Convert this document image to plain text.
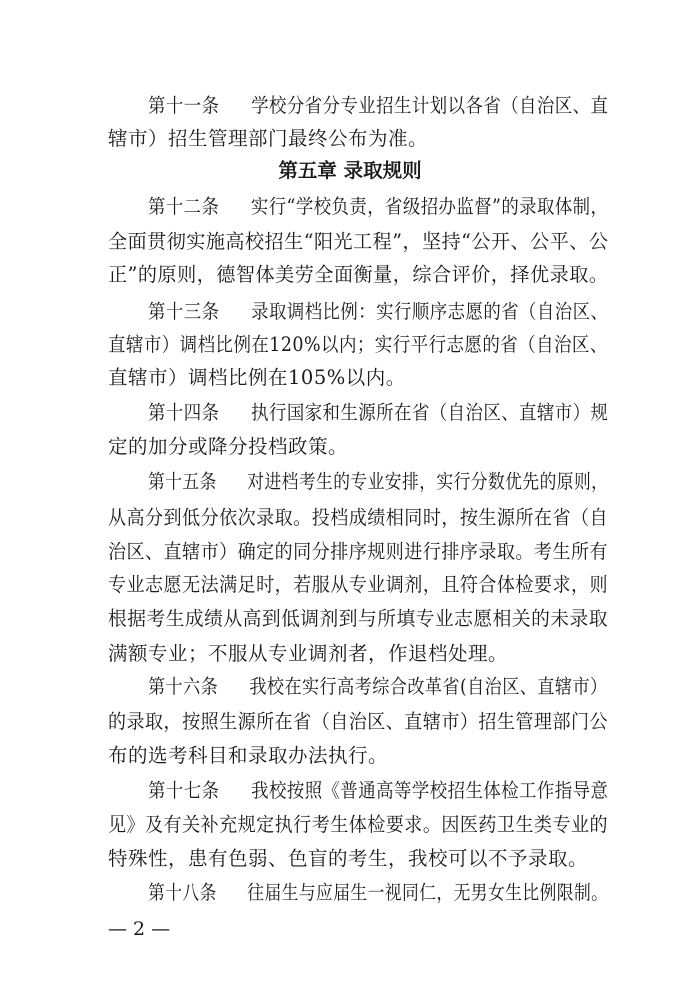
第十一条 学校分省分专业招生计划以各省（自治区、直
辖市）招生管理部门最终公布为准。
第五章 录取规则
第十二条 实行“学校负责，省级招办监督”的录取体制，
全面贯彻实施高校招生“阳光工程”，坚持“公开、公平、公
正”的原则，德智体美劳全面衡量，综合评价，择优录取。
第十三条 录取调档比例：实行顺序志愿的省（自治区、
直辖市）调档比例在120%以内；实行平行志愿的省（自治区、
直辖市）调档比例在105%以内。
第十四条 执行国家和生源所在省（自治区、直辖市）规
定的加分或降分投档政策。
第十五条 对进档考生的专业安排，实行分数优先的原则，
从高分到低分依次录取。投档成绩相同时，按生源所在省（自
治区、直辖市）确定的同分排序规则进行排序录取。考生所有
专业志愿无法满足时，若服从专业调剂，且符合体检要求，则
根据考生成绩从高到低调剂到与所填专业志愿相关的未录取
满额专业；不服从专业调剂者，作退档处理。
第十六条 我校在实行高考综合改革省(自治区、直辖市）
的录取，按照生源所在省（自治区、直辖市）招生管理部门公
布的选考科目和录取办法执行。
第十七条 我校按照《普通高等学校招生体检工作指导意
见》及有关补充规定执行考生体检要求。因医药卫生类专业的
特殊性，患有色弱、色盲的考生，我校可以不予录取。
第十八条 往届生与应届生一视同仁，无男女生比例限制。
— 2 —
